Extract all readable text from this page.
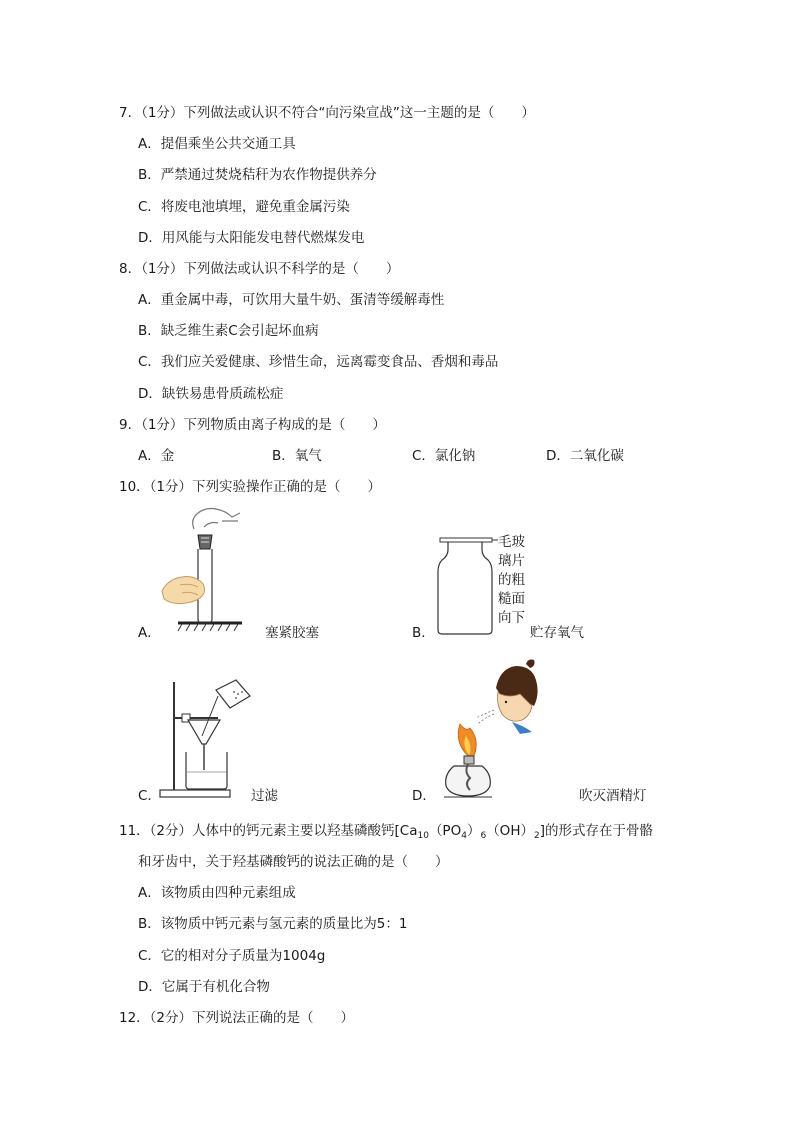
7．（1分）下列做法或认识不符合“向污染宣战”这一主题的是（　　）
A．提倡乘坐公共交通工具
B．严禁通过焚烧秸秆为农作物提供养分
C．将废电池填埋，避免重金属污染
D．用风能与太阳能发电替代燃煤发电
8．（1分）下列做法或认识不科学的是（　　）
A．重金属中毒，可饮用大量牛奶、蛋清等缓解毒性
B．缺乏维生素C会引起坏血病
C．我们应关爱健康、珍惜生命，远离霉变食品、香烟和毒品
D．缺铁易患骨质疏松症
9．（1分）下列物质由离子构成的是（　　）
A．金	B．氧气	C．氯化钠	D．二氧化碳
10．（1分）下列实验操作正确的是（　　）
A．	塞紧胶塞
毛玻璃片的粗糙面向下
B．	贮存氧气
C．	过滤	D．	吹灭酒精灯
11．（2分）人体中的钙元素主要以羟基磷酸钙$[Ca_{10}(PO_4)_6(OH)_2]$的形式存在于骨骼
和牙齿中，关于羟基磷酸钙的说法正确的是（　　）
A．该物质由四种元素组成
B．该物质中钙元素与氢元素的质量比为5：1
C．它的相对分子质量为1004g
D．它属于有机化合物
12．（2分）下列说法正确的是（　　）
